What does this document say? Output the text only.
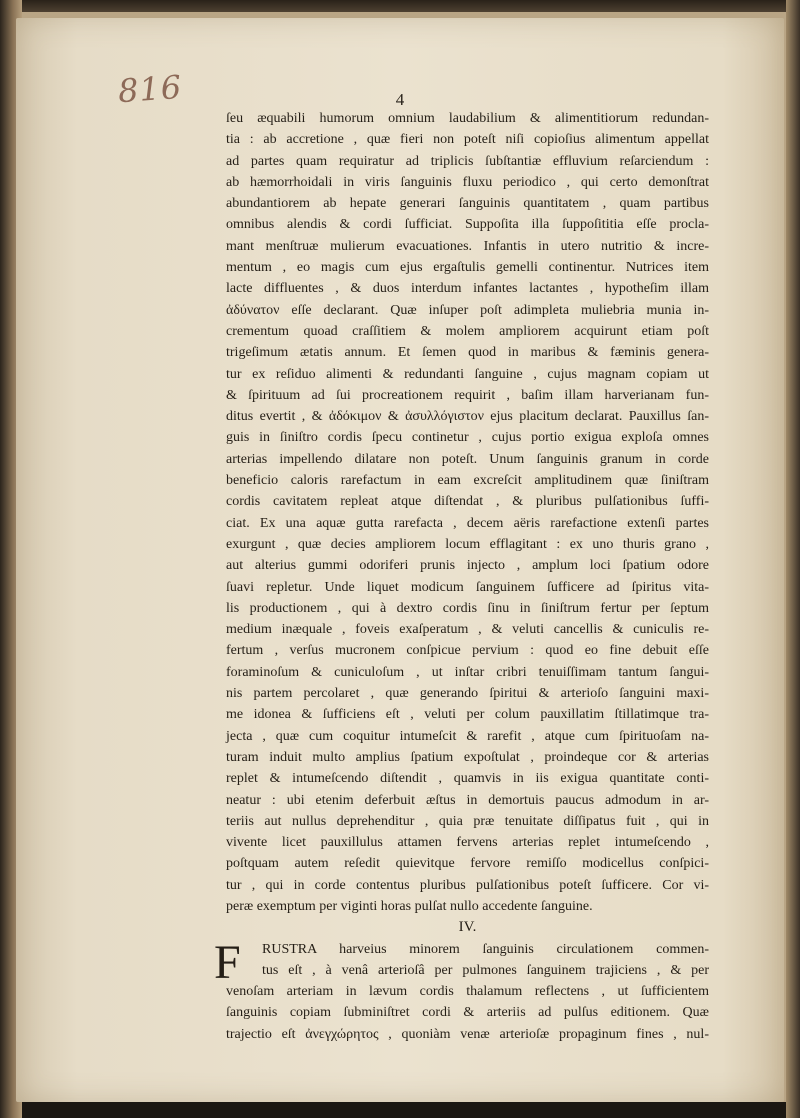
816	4
ſeu æquabili humorum omnium laudabilium & alimentitiorum redundan-
tia : ab accretione , quæ fieri non poteſt niſi copioſius alimentum appellat
ad partes quam requiratur ad triplicis ſubſtantiæ effluvium reſarciendum :
ab hæmorrhoidali in viris ſanguinis fluxu periodico , qui certo demonſtrat
abundantiorem ab hepate generari ſanguinis quantitatem , quam partibus
omnibus alendis & cordi ſufficiat. Suppoſita illa ſuppoſititia eſſe procla-
mant menſtruæ mulierum evacuationes. Infantis in utero nutritio & incre-
mentum , eo magis cum ejus ergaſtulis gemelli continentur. Nutrices item
lacte diffluentes , & duos interdum infantes lactantes , hypotheſim illam
ἀδύνατον eſſe declarant. Quæ inſuper poſt adimpleta muliebria munia in-
crementum quoad craſſitiem & molem ampliorem acquirunt etiam poſt
trigeſimum ætatis annum. Et ſemen quod in maribus & fæminis genera-
tur ex reſiduo alimenti & redundanti ſanguine , cujus magnam copiam ut
& ſpirituum ad ſui procreationem requirit , baſim illam harverianam fun-
ditus evertit , & ἀδόκιμον & ἀσυλλόγιστον ejus placitum declarat. Pauxillus ſan-
guis in ſiniſtro cordis ſpecu continetur , cujus portio exigua exploſa omnes
arterias impellendo dilatare non poteſt. Unum ſanguinis granum in corde
beneficio caloris rarefactum in eam excreſcit amplitudinem quæ ſiniſtram
cordis cavitatem repleat atque diſtendat , & pluribus pulſationibus ſuffi-
ciat. Ex una aquæ gutta rarefacta , decem aëris rarefactione extenſi partes
exurgunt , quæ decies ampliorem locum efflagitant : ex uno thuris grano ,
aut alterius gummi odoriferi prunis injecto , amplum loci ſpatium odore
ſuavi repletur. Unde liquet modicum ſanguinem ſufficere ad ſpiritus vita-
lis productionem , qui à dextro cordis ſinu in ſiniſtrum fertur per ſeptum
medium inæquale , foveis exaſperatum , & veluti cancellis & cuniculis re-
fertum , verſus mucronem conſpicue pervium : quod eo fine debuit eſſe
foraminoſum & cuniculoſum , ut inſtar cribri tenuiſſimam tantum ſangui-
nis partem percolaret , quæ generando ſpiritui & arterioſo ſanguini maxi-
me idonea & ſufficiens eſt , veluti per colum pauxillatim ſtillatimque tra-
jecta , quæ cum coquitur intumeſcit & rarefit , atque cum ſpirituoſam na-
turam induit multo amplius ſpatium expoſtulat , proindeque cor & arterias
replet & intumeſcendo diſtendit , quamvis in iis exigua quantitate conti-
neatur : ubi etenim deferbuit æſtus in demortuis paucus admodum in ar-
teriis aut nullus deprehenditur , quia præ tenuitate diſſipatus fuit , qui in
vivente licet pauxillulus attamen fervens arterias replet intumeſcendo ,
poſtquam autem reſedit quievitque fervore remiſſo modicellus conſpici-
tur , qui in corde contentus pluribus pulſationibus poteſt ſufficere. Cor vi-
peræ exemptum per viginti horas pulſat nullo accedente ſanguine.
IV.
F RUSTRA harveius minorem ſanguinis circulationem commen-
tus eſt , à venâ arterioſâ per pulmones ſanguinem trajiciens , & per
venoſam arteriam in lævum cordis thalamum reflectens , ut ſufficientem
ſanguinis copiam ſubminiſtret cordi & arteriis ad pulſus editionem. Quæ
trajectio eſt ἀνεγχώρητος , quoniàm venæ arterioſæ propaginum fines , nul-
